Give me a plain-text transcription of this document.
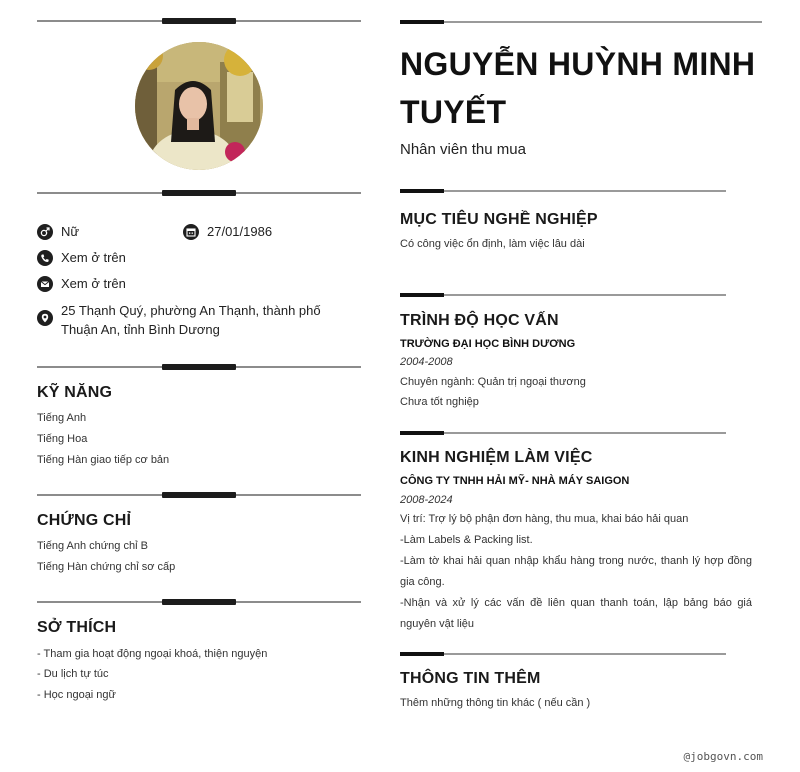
Nữ	27/01/1986
Xem ở trên
Xem ở trên
25 Thạnh Quý, phường An Thạnh, thành phố Thuận An, tỉnh Bình Dương
KỸ NĂNG
Tiếng Anh
Tiếng Hoa
Tiếng Hàn giao tiếp cơ bản
CHỨNG CHỈ
Tiếng Anh chứng chỉ B
Tiếng Hàn chứng chỉ sơ cấp
SỞ THÍCH
- Tham gia hoạt động ngoại khoá, thiện nguyện
- Du lịch tự túc
- Học ngoại ngữ
NGUYỄN HUỲNH MINH TUYẾT
Nhân viên thu mua
MỤC TIÊU NGHỀ NGHIỆP
Có công việc ổn định, làm việc lâu dài
TRÌNH ĐỘ HỌC VẤN
TRƯỜNG ĐẠI HỌC BÌNH DƯƠNG
2004-2008
Chuyên ngành: Quản trị ngoại thương
Chưa tốt nghiệp
KINH NGHIỆM LÀM VIỆC
CÔNG TY TNHH HẢI MỸ- NHÀ MÁY SAIGON
2008-2024
Vị trí: Trợ lý bộ phận đơn hàng, thu mua, khai báo hải quan
-Làm Labels & Packing list.
-Làm tờ khai hải quan nhập khẩu hàng trong nước, thanh lý hợp đồng gia công.
-Nhận và xử lý các vấn đề liên quan thanh toán, lập bảng báo giá nguyên vật liệu
THÔNG TIN THÊM
Thêm những thông tin khác ( nếu cần )
@jobgovn.com
